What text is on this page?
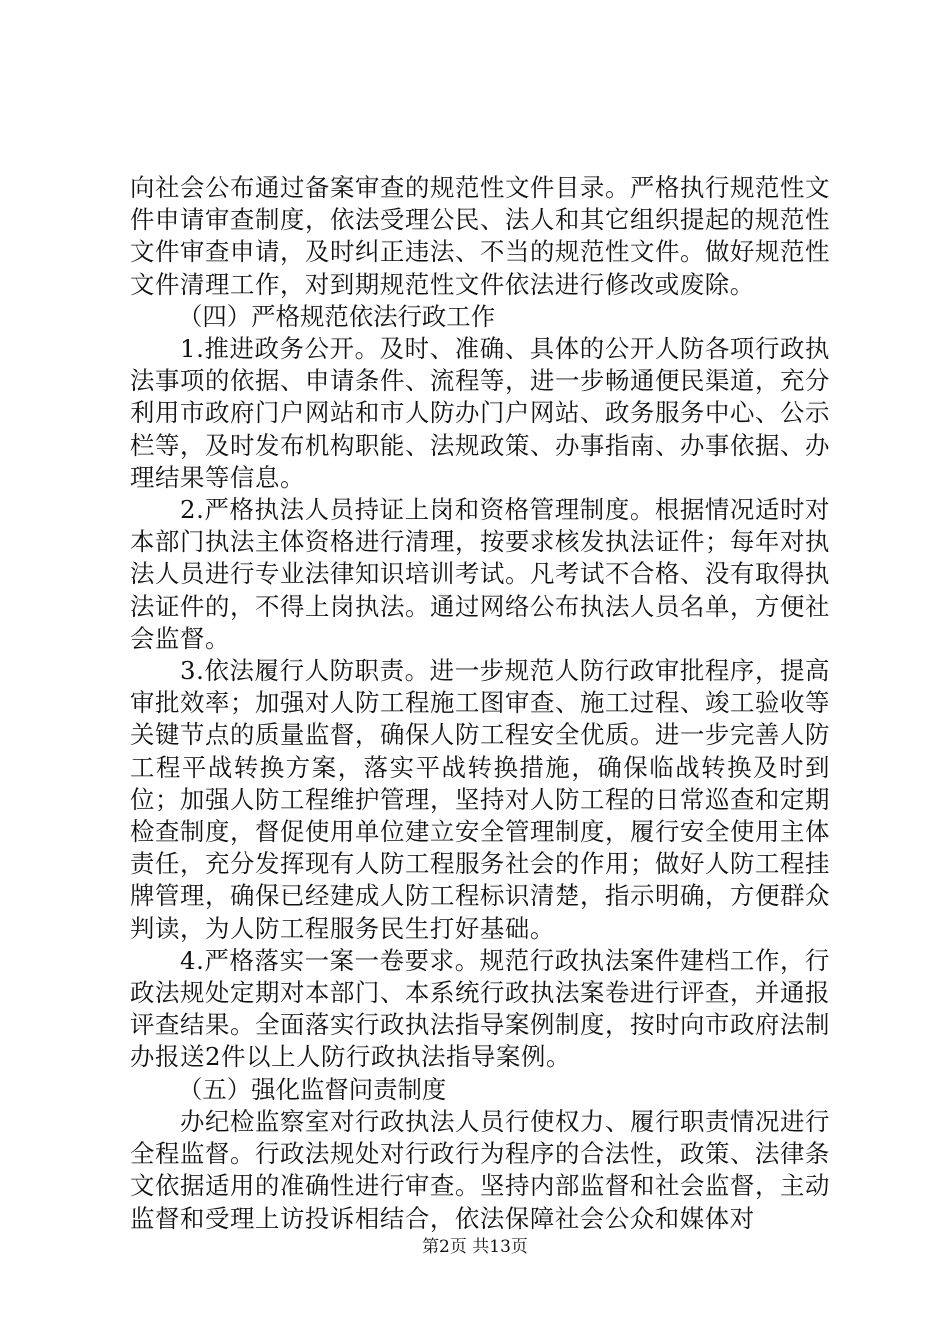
向社会公布通过备案审查的规范性文件目录。严格执行规范性文件申请审查制度，依法受理公民、法人和其它组织提起的规范性文件审查申请，及时纠正违法、不当的规范性文件。做好规范性文件清理工作，对到期规范性文件依法进行修改或废除。

（四）严格规范依法行政工作

1.推进政务公开。及时、准确、具体的公开人防各项行政执法事项的依据、申请条件、流程等，进一步畅通便民渠道，充分利用市政府门户网站和市人防办门户网站、政务服务中心、公示栏等，及时发布机构职能、法规政策、办事指南、办事依据、办理结果等信息。

2.严格执法人员持证上岗和资格管理制度。根据情况适时对本部门执法主体资格进行清理，按要求核发执法证件；每年对执法人员进行专业法律知识培训考试。凡考试不合格、没有取得执法证件的，不得上岗执法。通过网络公布执法人员名单，方便社会监督。

3.依法履行人防职责。进一步规范人防行政审批程序，提高审批效率；加强对人防工程施工图审查、施工过程、竣工验收等关键节点的质量监督，确保人防工程安全优质。进一步完善人防工程平战转换方案，落实平战转换措施，确保临战转换及时到位；加强人防工程维护管理，坚持对人防工程的日常巡查和定期检查制度，督促使用单位建立安全管理制度，履行安全使用主体责任，充分发挥现有人防工程服务社会的作用；做好人防工程挂牌管理，确保已经建成人防工程标识清楚，指示明确，方便群众判读，为人防工程服务民生打好基础。

4.严格落实一案一卷要求。规范行政执法案件建档工作，行政法规处定期对本部门、本系统行政执法案卷进行评查，并通报评查结果。全面落实行政执法指导案例制度，按时向市政府法制办报送2件以上人防行政执法指导案例。

（五）强化监督问责制度

办纪检监察室对行政执法人员行使权力、履行职责情况进行全程监督。行政法规处对行政行为程序的合法性，政策、法律条文依据适用的准确性进行审查。坚持内部监督和社会监督，主动监督和受理上访投诉相结合，依法保障社会公众和媒体对

第2页 共13页
